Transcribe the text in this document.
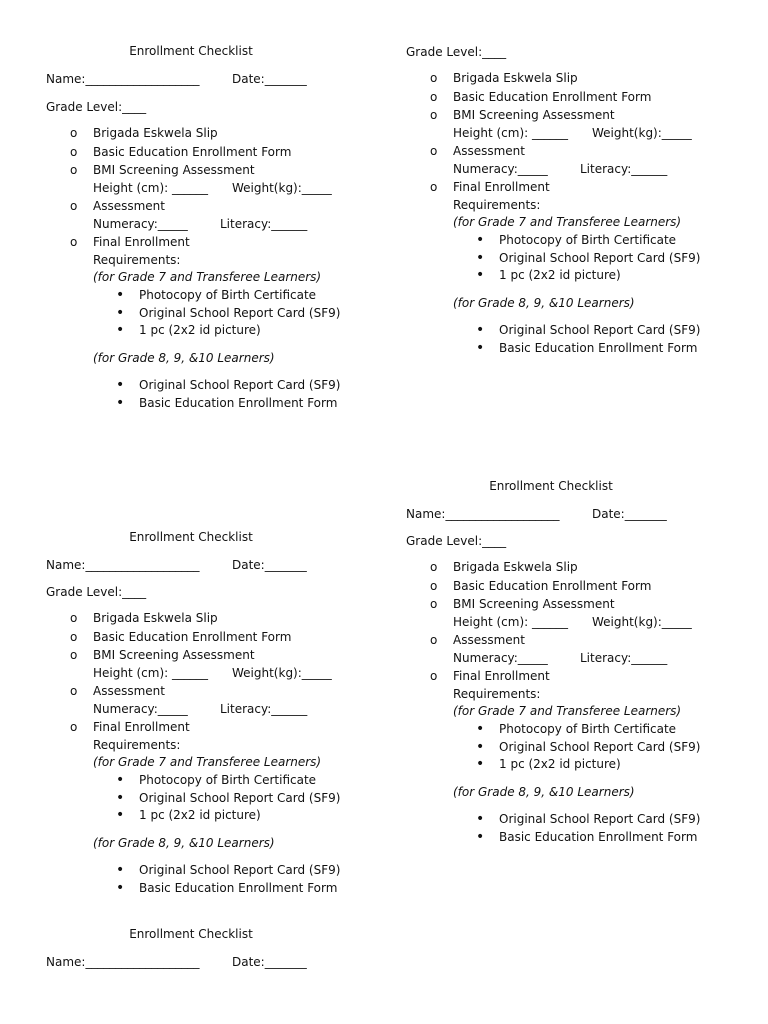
Enrollment Checklist
Name:___________________	Date:_______
Grade Level:____
o Brigada Eskwela Slip
o Basic Education Enrollment Form
o BMI Screening Assessment
Height (cm): ______ Weight(kg):_____
o Assessment
Numeracy:_____	Literacy:______
o Final Enrollment
Requirements:
(for Grade 7 and Transferee Learners)
• Photocopy of Birth Certificate
• Original School Report Card (SF9)
• 1 pc (2x2 id picture)
(for Grade 8, 9, &10 Learners)
• Original School Report Card (SF9)
• Basic Education Enrollment Form
Grade Level:____
o Brigada Eskwela Slip
o Basic Education Enrollment Form
o BMI Screening Assessment
Height (cm): ______ Weight(kg):_____
o Assessment
Numeracy:_____	Literacy:______
o Final Enrollment
Requirements:
(for Grade 7 and Transferee Learners)
• Photocopy of Birth Certificate
• Original School Report Card (SF9)
• 1 pc (2x2 id picture)
(for Grade 8, 9, &10 Learners)
• Original School Report Card (SF9)
• Basic Education Enrollment Form
Enrollment Checklist
Name:___________________	Date:_______
Grade Level:____
o Brigada Eskwela Slip
o Basic Education Enrollment Form
o BMI Screening Assessment
Height (cm): ______ Weight(kg):_____
o Assessment
Numeracy:_____	Literacy:______
o Final Enrollment
Requirements:
(for Grade 7 and Transferee Learners)
• Photocopy of Birth Certificate
• Original School Report Card (SF9)
• 1 pc (2x2 id picture)
(for Grade 8, 9, &10 Learners)
• Original School Report Card (SF9)
• Basic Education Enrollment Form
Enrollment Checklist
Name:___________________	Date:_______
Grade Level:____
o Brigada Eskwela Slip
o Basic Education Enrollment Form
o BMI Screening Assessment
Height (cm): ______ Weight(kg):_____
o Assessment
Numeracy:_____	Literacy:______
o Final Enrollment
Requirements:
(for Grade 7 and Transferee Learners)
• Photocopy of Birth Certificate
• Original School Report Card (SF9)
• 1 pc (2x2 id picture)
(for Grade 8, 9, &10 Learners)
• Original School Report Card (SF9)
• Basic Education Enrollment Form
Enrollment Checklist
Name:___________________	Date:_______
